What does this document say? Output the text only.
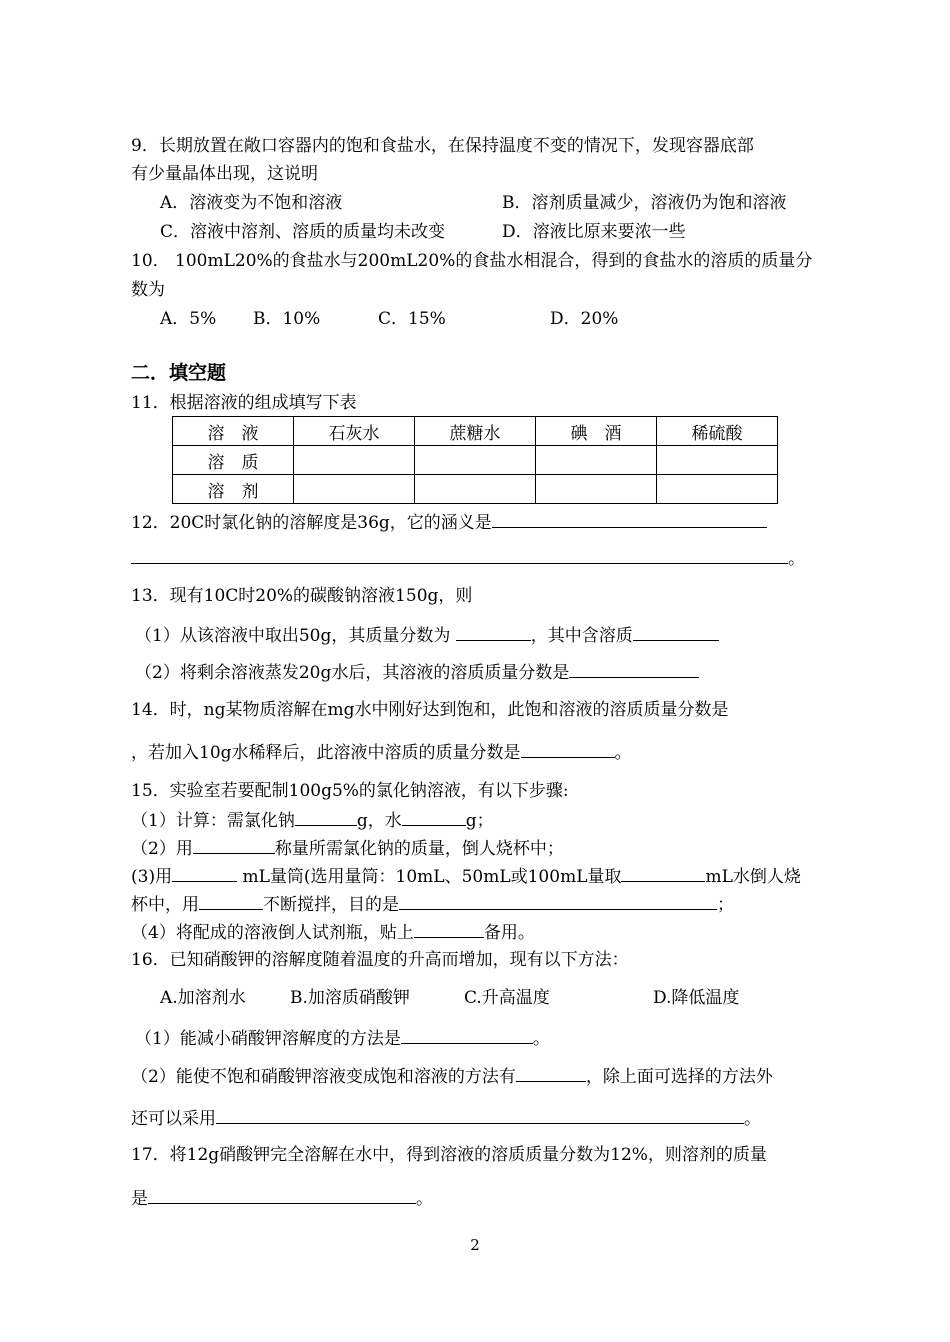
9．长期放置在敞口容器内的饱和食盐水，在保持温度不变的情况下，发现容器底部
有少量晶体出现，这说明
A．溶液变为不饱和溶液	B．溶剂质量减少，溶液仍为饱和溶液
C．溶液中溶剂、溶质的质量均未改变	D．溶液比原来要浓一些
10． 100mL20%的食盐水与200mL20%的食盐水相混合，得到的食盐水的溶质的质量分
数为
A．5% B．10%	C．15%	D．20%
二．填空题
11．根据溶液的组成填写下表
溶　液	石灰水	蔗糖水	碘　酒	稀硫酸
溶　质				
溶　剂				
12．20C时氯化钠的溶解度是36g，它的涵义是
。
13．现有10C时20%的碳酸钠溶液150g，则
（1）从该溶液中取出50g，其质量分数为	，其中含溶质
（2）将剩余溶液蒸发20g水后，其溶液的溶质质量分数是
14．时，ng某物质溶解在mg水中刚好达到饱和，此饱和溶液的溶质质量分数是
，若加入10g水稀释后，此溶液中溶质的质量分数是	。
15．实验室若要配制100g5%的氯化钠溶液，有以下步骤:
（1）计算：需氯化钠	g，水	g；
（2）用	称量所需氯化钠的质量，倒人烧杯中；
(3)用	mL量筒(选用量筒：10mL、50mL或100mL量取	mL水倒人烧
杯中，用	不断搅拌，目的是	；
（4）将配成的溶液倒人试剂瓶，贴上	备用。
16．已知硝酸钾的溶解度随着温度的升高而增加，现有以下方法：
A.加溶剂水	B.加溶质硝酸钾	C.升高温度	D.降低温度
（1）能减小硝酸钾溶解度的方法是	。
（2）能使不饱和硝酸钾溶液变成饱和溶液的方法有	，除上面可选择的方法外
还可以采用	。
17．将12g硝酸钾完全溶解在水中，得到溶液的溶质质量分数为12%，则溶剂的质量
是	。
2
